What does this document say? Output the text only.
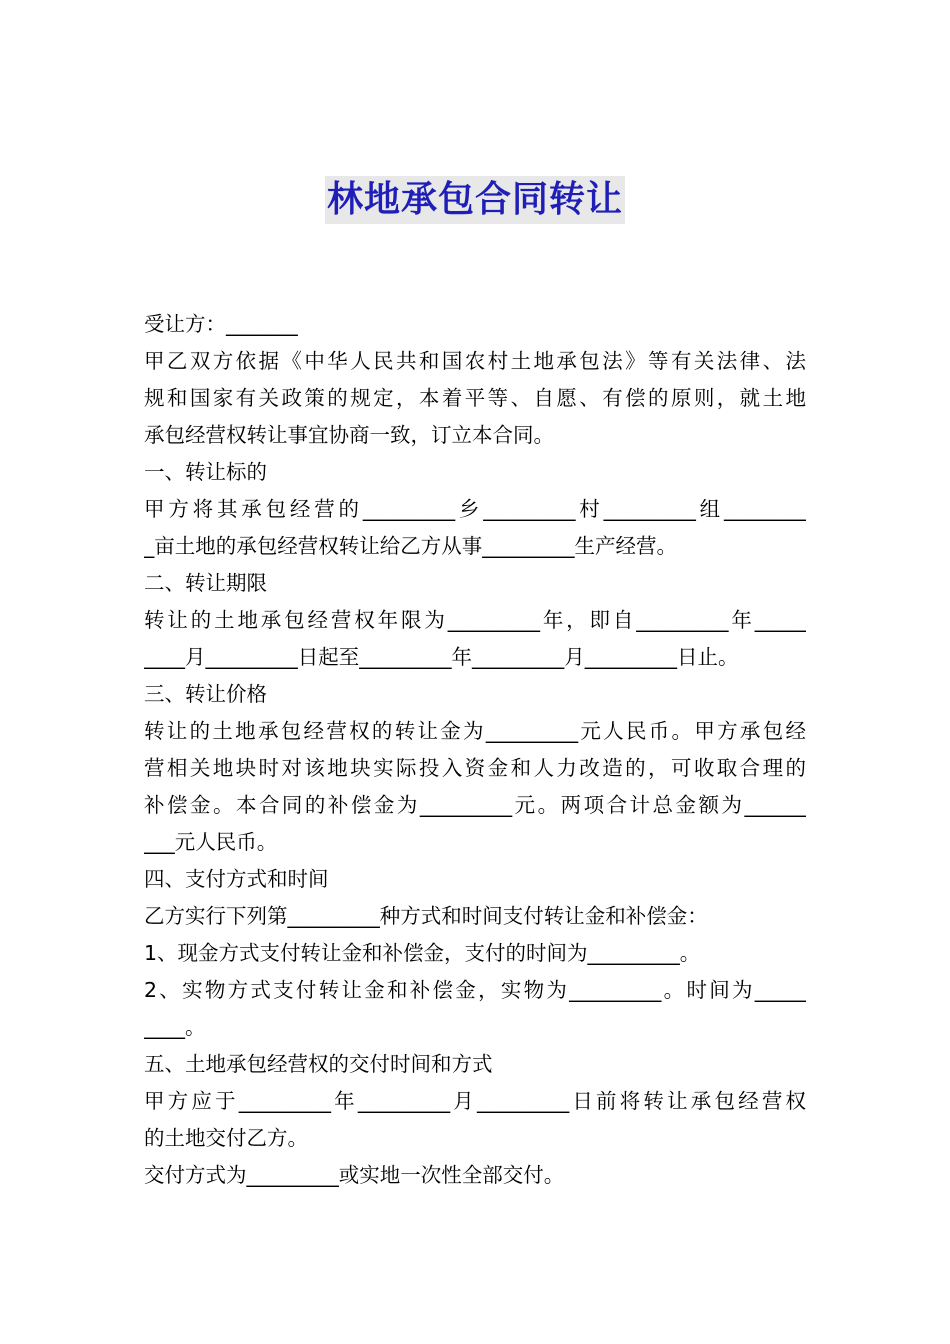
林地承包合同转让
受让方：_______
甲乙双方依据《中华人民共和国农村土地承包法》等有关法律、法
规和国家有关政策的规定，本着平等、自愿、有偿的原则，就土地
承包经营权转让事宜协商一致，订立本合同。
一、转让标的
甲方将其承包经营的_________乡_________村_________组________
_亩土地的承包经营权转让给乙方从事_________生产经营。
二、转让期限
转让的土地承包经营权年限为_________年，即自_________年_____
____月_________日起至_________年_________月_________日止。
三、转让价格
转让的土地承包经营权的转让金为_________元人民币。甲方承包经
营相关地块时对该地块实际投入资金和人力改造的，可收取合理的
补偿金。本合同的补偿金为_________元。两项合计总金额为______
___元人民币。
四、支付方式和时间
乙方实行下列第_________种方式和时间支付转让金和补偿金：
1、现金方式支付转让金和补偿金，支付的时间为_________。
2、实物方式支付转让金和补偿金，实物为_________。时间为_____
____。
五、土地承包经营权的交付时间和方式
甲方应于_________年_________月_________日前将转让承包经营权
的土地交付乙方。
交付方式为_________或实地一次性全部交付。
